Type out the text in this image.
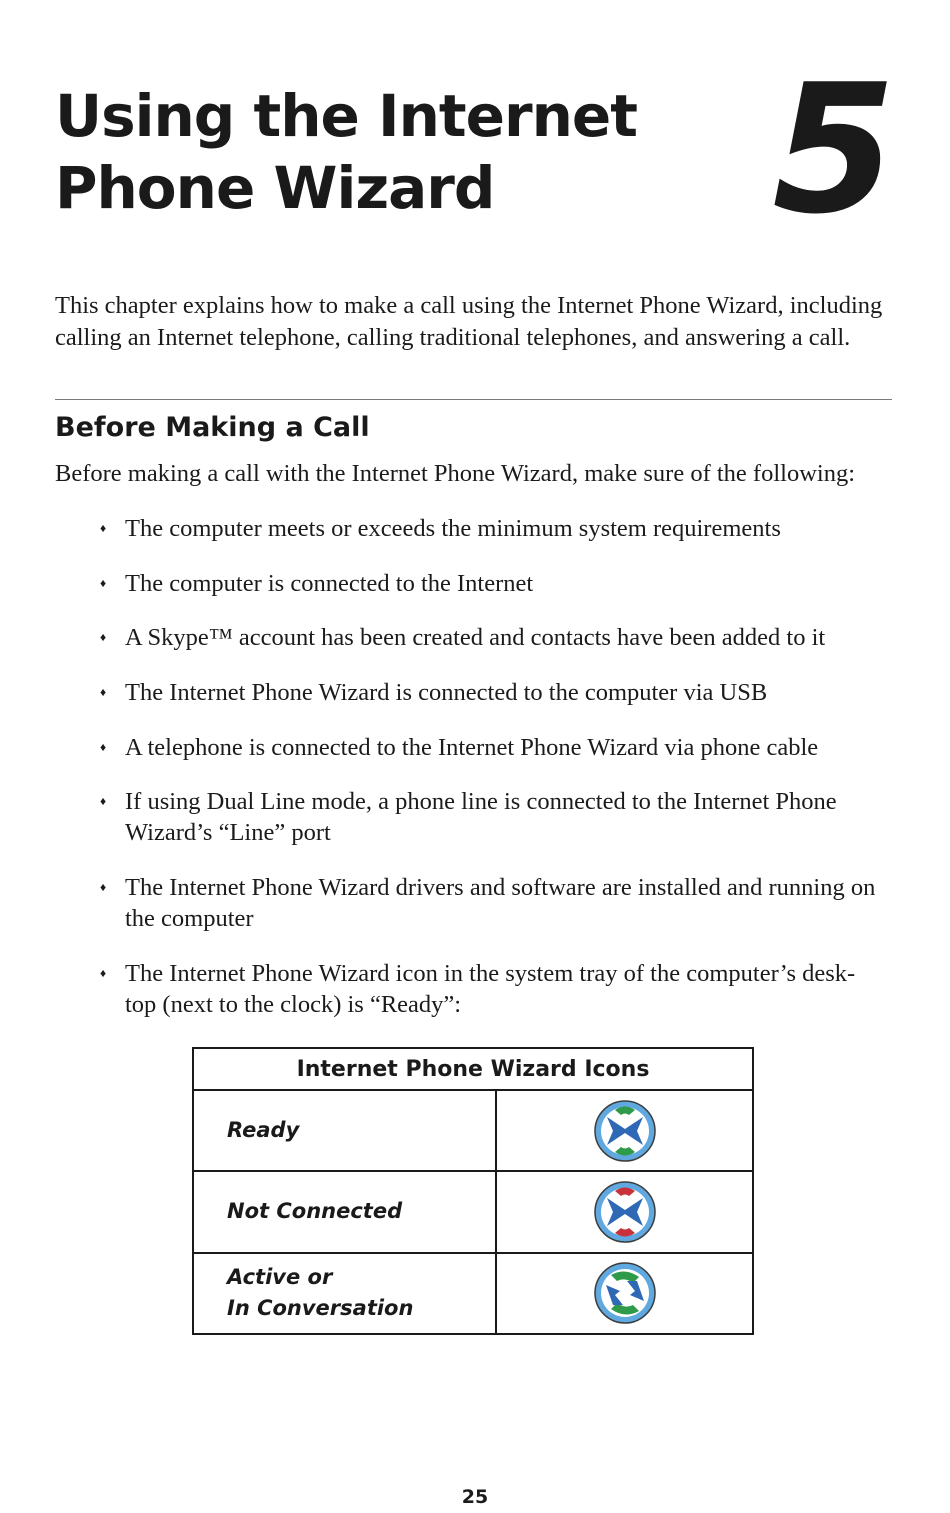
Using the Internet
Phone Wizard	5

This chapter explains how to make a call using the Internet Phone Wizard, including calling an Internet telephone, calling traditional telephones, and answering a call.

Before Making a Call

Before making a call with the Internet Phone Wizard, make sure of the following:

♦ The computer meets or exceeds the minimum system requirements
♦ The computer is connected to the Internet
♦ A Skype™ account has been created and contacts have been added to it
♦ The Internet Phone Wizard is connected to the computer via USB
♦ A telephone is connected to the Internet Phone Wizard via phone cable
♦ If using Dual Line mode, a phone line is connected to the Internet Phone Wizard’s “Line” port
♦ The Internet Phone Wizard drivers and software are installed and running on the computer
♦ The Internet Phone Wizard icon in the system tray of the computer’s desk-top (next to the clock) is “Ready”:
Internet Phone Wizard Icons	

Ready

Not Connected

Active or
In Conversation

25
